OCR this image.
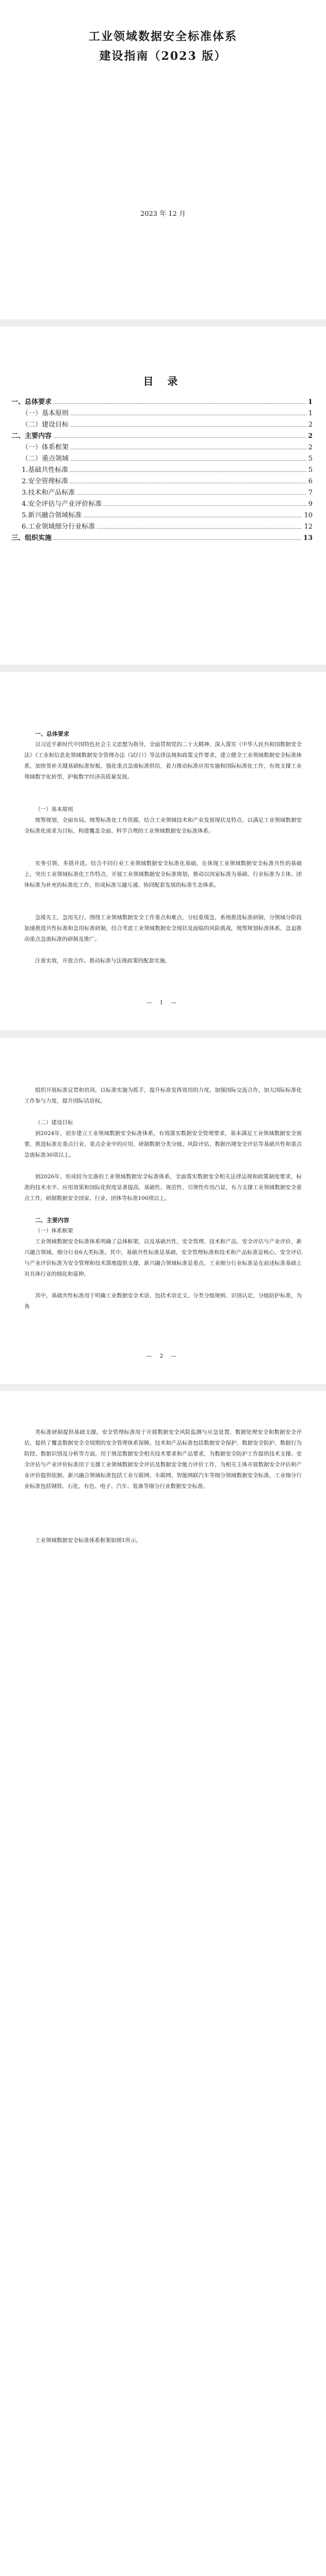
工业领域数据安全标准体系
建设指南（2023 版）
2023 年 12 月
目 录
一、总体要求	1
（一）基本原则	1
（二）建设目标	2
二、主要内容	2
（一）体系框架	2
（二）重点领域	5
1.基础共性标准	5
2.安全管理标准	6
3.技术和产品标准	7
4.安全评估与产业评价标准	9
5.新兴融合领域标准	10
6.工业领域细分行业标准	12
三、组织实施	13
一、总体要求
以习近平新时代中国特色社会主义思想为指导，全面贯彻党的二十大精神，深入落实《中华人民共和国数据安全法》《工业和信息化领域数据安全管理办法（试行）》等法律法规和政策文件要求，建立健全工业领域数据安全标准体系，加快签补关键基础标准短板，强化重点急需标准供给，着力推动标准应用实施和国际标准化工作，有效支撑工业领域数字化转型，护航数字经济高质量发展。
（一）基本原则
统筹规划，全面布局。统筹标准化工作资源，结合工业领域技术和产业发展现状及特点，以满足工业领域数据安全标准化需求为目标，构建覆盖全面、科学合理的工业领域数据安全标准体系。
实务引领，多措并进。结合不同行业工业领域数据安全标准化基础，在体现工业领域数据安全标准共性的基础上，突出工业领域标准化工作特点，开展工业领域数据安全标准规划，推动以国家标准为基础、行业标准为主体、团体标准为补充的标准化工作，形成标准互融互通、协同配套发展的标准生态体系。
急缓先主，急用先行。围绕工业领域数据安全工作重点和难点，分轻重缓急，系统推进标准研制，分领域分阶段加速推进共性标准和急用标准研制，结合考虑工业领域数据安全现状及面临的风险挑战，统筹规划标准体系，急迫推动重点急需标准的研制及推广。
注重实效，开放合作。推动标准与法规政策的配套实施，
— 1 —
组织开展标准宣贯和培训，以标准实施为抓手，提升标准发挥效用的力度，加强国际交流合作，加大国际标准化工作参与力度，提升国际话语权。
（二）建设目标
到2024年，初步建立工业领域数据安全标准体系，有效落实数据安全管理要求，基本满足工业领域数据安全需要，推进标准在重点行业、重点企业中的应用，研制数据分类分级、风险评估、数据出境安全评估等基础共性和重点急需标准30项以上。
到2026年，形成较为完备的工业领域数据安全标准体系，全面落实数据安全相关法律法规和政策制度要求，标准的技术水平、应用效果和国际化程度显著提高，基础性、规范性、引领性作用凸显，有力支撑工业领域数据安全重点工作，研制数据安全国家、行业、团体等标准100项以上。
二、主要内容
（一）体系框架
工业领域数据安全标准体系明确了总体框架，以及基础共性、安全管理、技术和产品、安全评估与产业评价、新兴融合领域、细分行业6大类标准。其中，基础共性标准是基础，安全管理标准和技术和产品标准是核心，安全评估与产业评价标准为安全管理和技术落地提供支撑，新兴融合领域标准是重点，工业细分行业标准是在前述标准基础上对具体行业的细化和延伸。
其中，基础共性标准用于明确工业数据安全术语、包括术语定义、分类分级规则、识别认定、分级防护标准，为各
— 2 —
类标准研制提供基础支撑。安全管理标准用于开展数据安全风险监测与应急处置、数据处理安全和数据安全评估，提供了覆盖数据安全全周期的安全管理体系保障。技术和产品标准包括数据安全保护、数据安全防护、数据行为防控、数据识别及分析等方面，用于规范数据安全相关技术要求和产品要求，为数据安全防护工作提供技术支撑。安全评估与产业评价标准用于支撑工业领域数据安全评估及数据安全能力评价工作，为相关主体开展数据安全评估和产业评价提供依据。新兴融合领域标准包括工业互联网、车联网、智能网联汽车等细分领域数据安全标准，工业细分行业标准包括钢铁、石化、有色、电子、汽车、装备等细分行业数据安全标准。
工业领域数据安全标准体系框架如图1所示。
